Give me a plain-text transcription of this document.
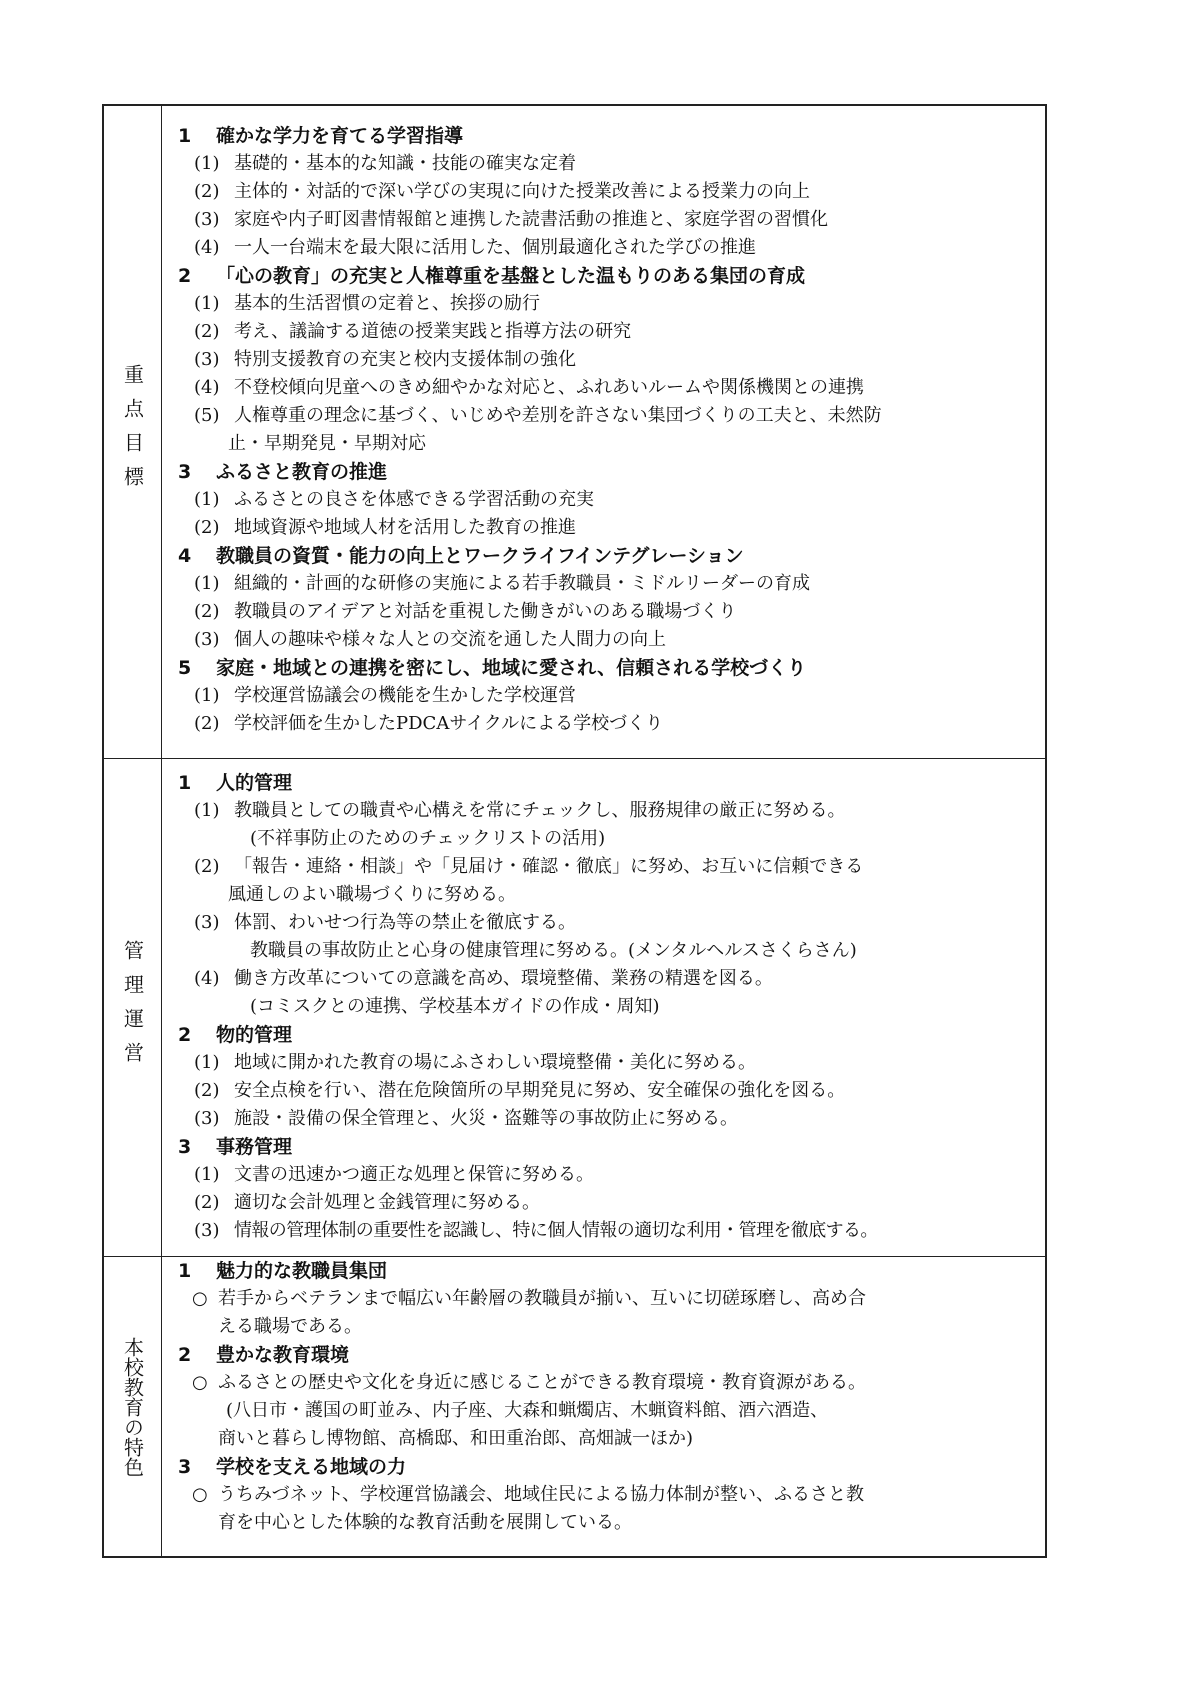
重点目標
1 確かな学力を育てる学習指導
(1) 基礎的・基本的な知識・技能の確実な定着
(2) 主体的・対話的で深い学びの実現に向けた授業改善による授業力の向上
(3) 家庭や内子町図書情報館と連携した読書活動の推進と、家庭学習の習慣化
(4) 一人一台端末を最大限に活用した、個別最適化された学びの推進
2 「心の教育」の充実と人権尊重を基盤とした温もりのある集団の育成
(1) 基本的生活習慣の定着と、挨拶の励行
(2) 考え、議論する道徳の授業実践と指導方法の研究
(3) 特別支援教育の充実と校内支援体制の強化
(4) 不登校傾向児童へのきめ細やかな対応と、ふれあいルームや関係機関との連携
(5) 人権尊重の理念に基づく、いじめや差別を許さない集団づくりの工夫と、未然防
止・早期発見・早期対応
3 ふるさと教育の推進
(1) ふるさとの良さを体感できる学習活動の充実
(2) 地域資源や地域人材を活用した教育の推進
4 教職員の資質・能力の向上とワークライフインテグレーション
(1) 組織的・計画的な研修の実施による若手教職員・ミドルリーダーの育成
(2) 教職員のアイデアと対話を重視した働きがいのある職場づくり
(3) 個人の趣味や様々な人との交流を通した人間力の向上
5 家庭・地域との連携を密にし、地域に愛され、信頼される学校づくり
(1) 学校運営協議会の機能を生かした学校運営
(2) 学校評価を生かしたPDCAサイクルによる学校づくり
管理運営
1 人的管理
(1) 教職員としての職責や心構えを常にチェックし、服務規律の厳正に努める。
(不祥事防止のためのチェックリストの活用)
(2) 「報告・連絡・相談」や「見届け・確認・徹底」に努め、お互いに信頼できる
風通しのよい職場づくりに努める。
(3) 体罰、わいせつ行為等の禁止を徹底する。
教職員の事故防止と心身の健康管理に努める。(メンタルヘルスさくらさん)
(4) 働き方改革についての意識を高め、環境整備、業務の精選を図る。
(コミスクとの連携、学校基本ガイドの作成・周知)
2 物的管理
(1) 地域に開かれた教育の場にふさわしい環境整備・美化に努める。
(2) 安全点検を行い、潜在危険箇所の早期発見に努め、安全確保の強化を図る。
(3) 施設・設備の保全管理と、火災・盗難等の事故防止に努める。
3 事務管理
(1) 文書の迅速かつ適正な処理と保管に努める。
(2) 適切な会計処理と金銭管理に努める。
(3) 情報の管理体制の重要性を認識し、特に個人情報の適切な利用・管理を徹底する。
本校教育の特色
1 魅力的な教職員集団
○ 若手からベテランまで幅広い年齢層の教職員が揃い、互いに切磋琢磨し、高め合
える職場である。
2 豊かな教育環境
○ ふるさとの歴史や文化を身近に感じることができる教育環境・教育資源がある。
(八日市・護国の町並み、内子座、大森和蝋燭店、木蝋資料館、酒六酒造、
商いと暮らし博物館、高橋邸、和田重治郎、高畑誠一ほか)
3 学校を支える地域の力
○ うちみづネット、学校運営協議会、地域住民による協力体制が整い、ふるさと教
育を中心とした体験的な教育活動を展開している。
